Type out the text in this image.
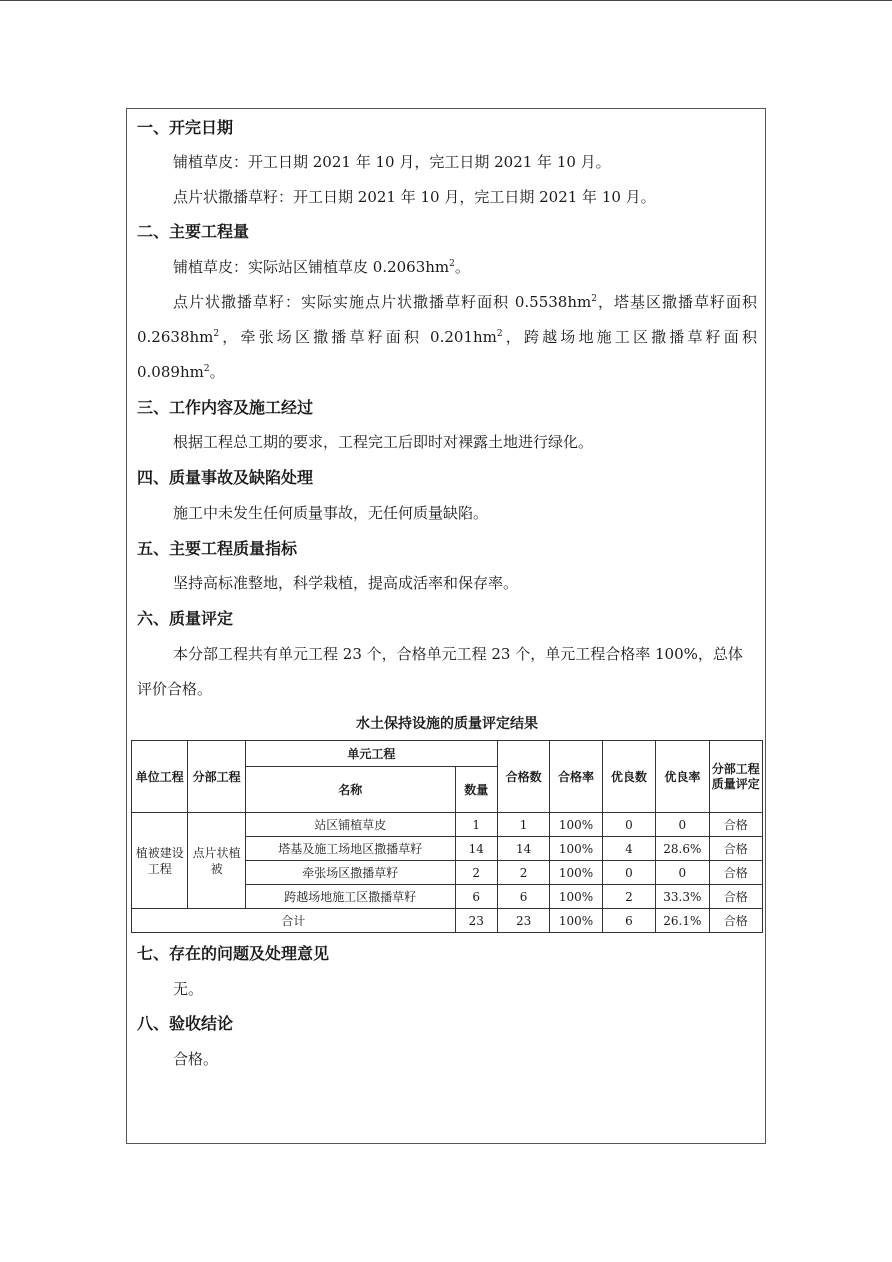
一、开完日期
铺植草皮：开工日期 2021 年 10 月，完工日期 2021 年 10 月。
点片状撒播草籽：开工日期 2021 年 10 月，完工日期 2021 年 10 月。
二、主要工程量
铺植草皮：实际站区铺植草皮 $0.2063hm^2$。
点片状撒播草籽：实际实施点片状撒播草籽面积 $0.5538hm^2$，塔基区撒播草籽面积 $0.2638hm^2$，牵张场区撒播草籽面积 $0.201hm^2$，跨越场地施工区撒播草籽面积 $0.089hm^2$。
三、工作内容及施工经过
根据工程总工期的要求，工程完工后即时对裸露土地进行绿化。
四、质量事故及缺陷处理
施工中未发生任何质量事故，无任何质量缺陷。
五、主要工程质量指标
坚持高标准整地，科学栽植，提高成活率和保存率。
六、质量评定
本分部工程共有单元工程 23 个，合格单元工程 23 个，单元工程合格率 100%，总体评价合格。
水土保持设施的质量评定结果
单位工程	分部工程	单元工程		合格数	合格率	优良数	优良率	分部工程质量评定
		名称	数量					
植被建设工程	点片状植被	站区铺植草皮	1	1	100%	0	0	合格
		塔基及施工场地区撒播草籽	14	14	100%	4	28.6%	合格
		牵张场区撒播草籽	2	2	100%	0	0	合格
		跨越场地施工区撒播草籽	6	6	100%	2	33.3%	合格
合计			23	23	100%	6	26.1%	合格
七、存在的问题及处理意见
无。
八、验收结论
合格。
